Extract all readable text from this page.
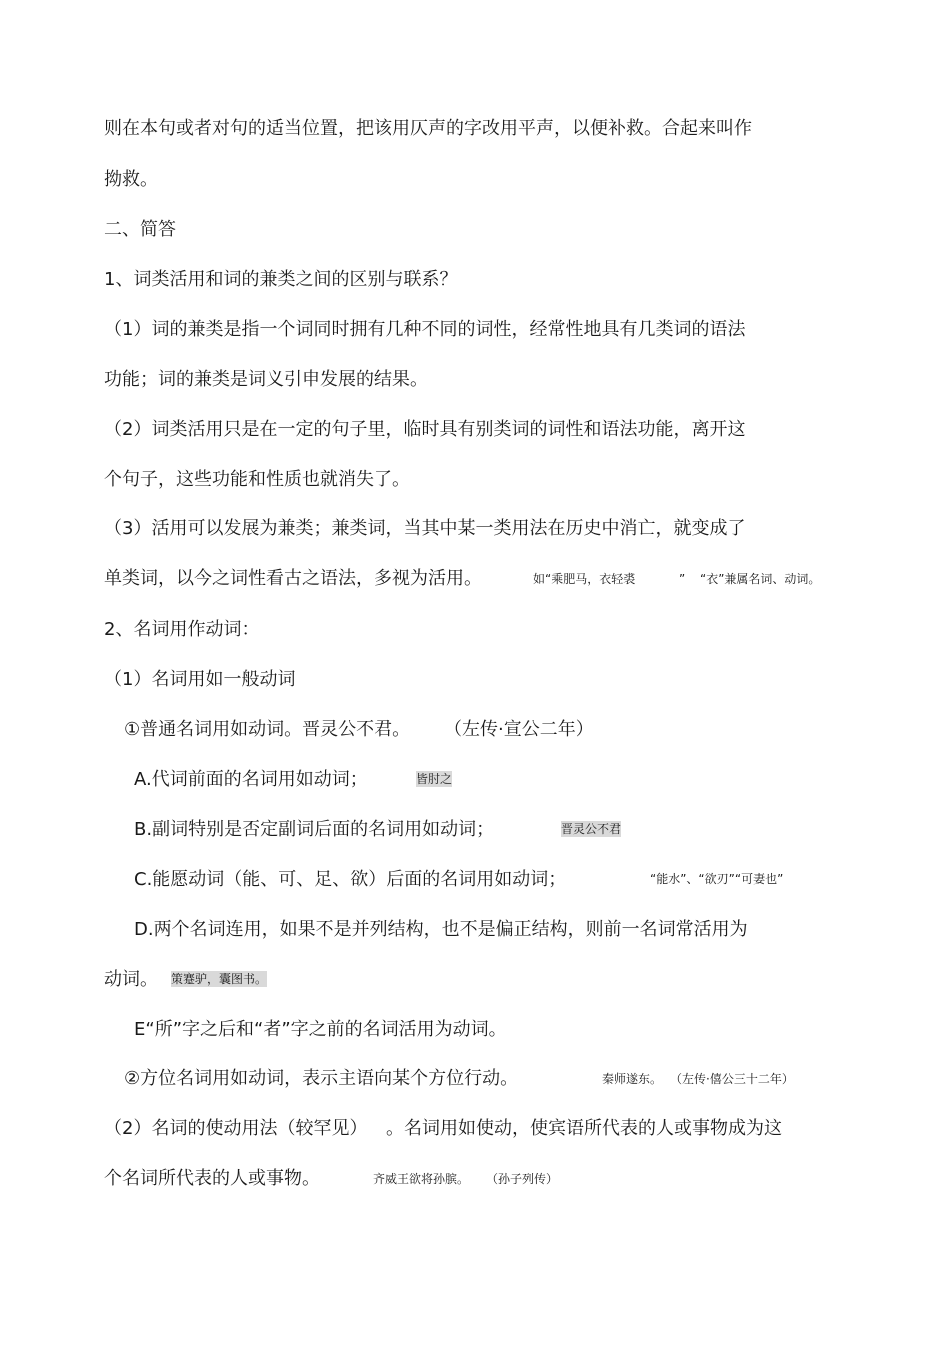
则在本句或者对句的适当位置，把该用仄声的字改用平声，以便补救。合起来叫作
拗救。
二、简答
1、词类活用和词的兼类之间的区别与联系？
（1）词的兼类是指一个词同时拥有几种不同的词性，经常性地具有几类词的语法
功能；词的兼类是词义引申发展的结果。
（2）词类活用只是在一定的句子里，临时具有别类词的词性和语法功能，离开这
个句子，这些功能和性质也就消失了。
（3）活用可以发展为兼类；兼类词，当其中某一类用法在历史中消亡，就变成了
单类词，以今之词性看古之语法，多视为活用。	如“乘肥马，衣轻裘	” “衣”兼属名词、动词。
2、名词用作动词：
（1）名词用如一般动词
①普通名词用如动词。晋灵公不君。 （左传·宣公二年）
A.代词前面的名词用如动词；	皆肘之
B.副词特别是否定副词后面的名词用如动词；	晋灵公不君
C.能愿动词（能、可、足、欲）后面的名词用如动词；	“能水”、“欲刃”“可妻也”
D.两个名词连用，如果不是并列结构，也不是偏正结构，则前一名词常活用为
动词。 策蹇驴，囊图书。
E“所”字之后和“者”字之前的名词活用为动词。
②方位名词用如动词，表示主语向某个方位行动。	秦师遂东。 （左传·僖公三十二年）
（2）名词的使动用法（较罕见） 。名词用如使动，使宾语所代表的人或事物成为这
个名词所代表的人或事物。	齐威王欲将孙膑。 （孙子列传）
